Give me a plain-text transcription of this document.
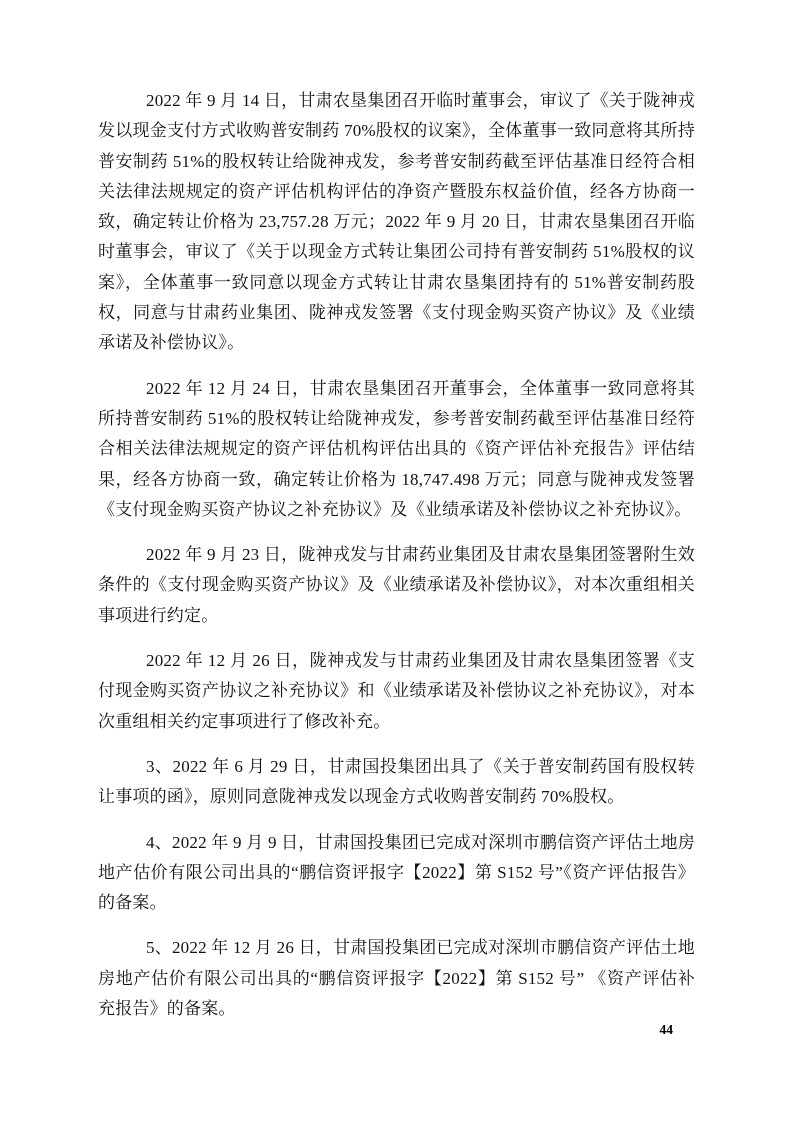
2022 年 9 月 14 日，甘肃农垦集团召开临时董事会，审议了《关于陇神戎发以现金支付方式收购普安制药 70%股权的议案》，全体董事一致同意将其所持普安制药 51%的股权转让给陇神戎发，参考普安制药截至评估基准日经符合相关法律法规规定的资产评估机构评估的净资产暨股东权益价值，经各方协商一致，确定转让价格为 23,757.28 万元；2022 年 9 月 20 日，甘肃农垦集团召开临时董事会，审议了《关于以现金方式转让集团公司持有普安制药 51%股权的议案》，全体董事一致同意以现金方式转让甘肃农垦集团持有的 51%普安制药股权，同意与甘肃药业集团、陇神戎发签署《支付现金购买资产协议》及《业绩承诺及补偿协议》。

2022 年 12 月 24 日，甘肃农垦集团召开董事会，全体董事一致同意将其所持普安制药 51%的股权转让给陇神戎发，参考普安制药截至评估基准日经符合相关法律法规规定的资产评估机构评估出具的《资产评估补充报告》评估结果，经各方协商一致，确定转让价格为 18,747.498 万元；同意与陇神戎发签署《支付现金购买资产协议之补充协议》及《业绩承诺及补偿协议之补充协议》。

2022 年 9 月 23 日，陇神戎发与甘肃药业集团及甘肃农垦集团签署附生效条件的《支付现金购买资产协议》及《业绩承诺及补偿协议》，对本次重组相关事项进行约定。

2022 年 12 月 26 日，陇神戎发与甘肃药业集团及甘肃农垦集团签署《支付现金购买资产协议之补充协议》和《业绩承诺及补偿协议之补充协议》，对本次重组相关约定事项进行了修改补充。

3、2022 年 6 月 29 日，甘肃国投集团出具了《关于普安制药国有股权转让事项的函》，原则同意陇神戎发以现金方式收购普安制药 70%股权。

4、2022 年 9 月 9 日，甘肃国投集团已完成对深圳市鹏信资产评估土地房地产估价有限公司出具的“鹏信资评报字【2022】第 S152 号”《资产评估报告》的备案。

5、2022 年 12 月 26 日，甘肃国投集团已完成对深圳市鹏信资产评估土地房地产估价有限公司出具的“鹏信资评报字【2022】第 S152 号” 《资产评估补充报告》的备案。

44
